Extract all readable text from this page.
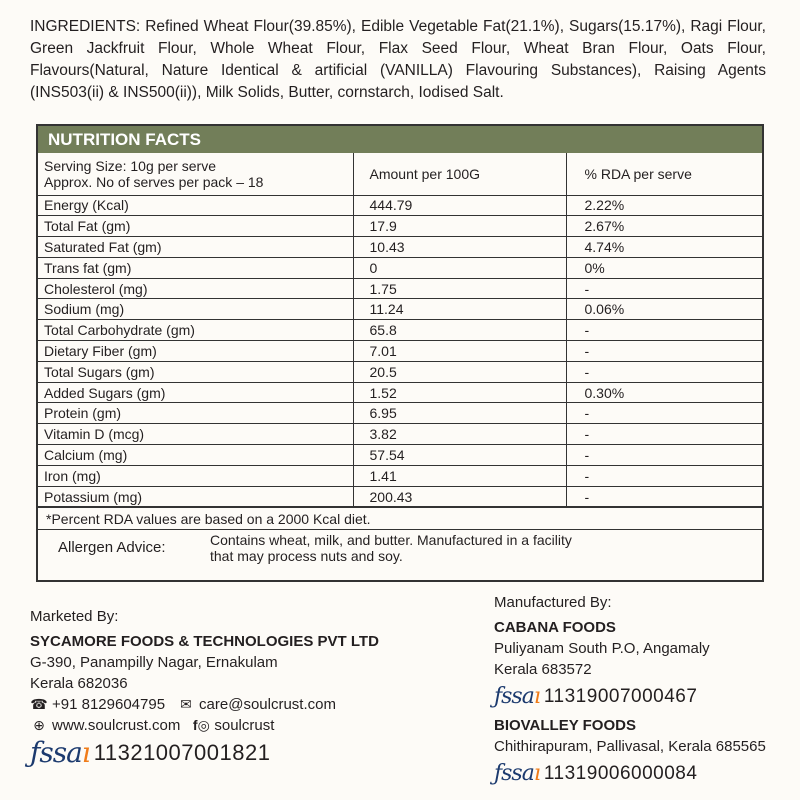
INGREDIENTS: Refined Wheat Flour(39.85%), Edible Vegetable Fat(21.1%), Sugars(15.17%), Ragi Flour, Green Jackfruit Flour, Whole Wheat Flour, Flax Seed Flour, Wheat Bran Flour, Oats Flour, Flavours(Natural, Nature Identical & artificial (VANILLA) Flavouring Substances), Raising Agents (INS503(ii) & INS500(ii)), Milk Solids, Butter, cornstarch, Iodised Salt.
NUTRITION FACTS
Serving Size: 10g per serve
Approx. No of serves per pack – 18	Amount per 100G	% RDA per serve
Energy (Kcal)	444.79	2.22%
Total Fat (gm)	17.9	2.67%
Saturated Fat (gm)	10.43	4.74%
Trans fat (gm)	0	0%
Cholesterol (mg)	1.75	-
Sodium (mg)	11.24	0.06%
Total Carbohydrate (gm)	65.8	-
Dietary Fiber (gm)	7.01	-
Total Sugars (gm)	20.5	-
Added Sugars (gm)	1.52	0.30%
Protein (gm)	6.95	-
Vitamin D (mcg)	3.82	-
Calcium (mg)	57.54	-
Iron (mg)	1.41	-
Potassium (mg)	200.43	-
*Percent RDA values are based on a 2000 Kcal diet.
Allergen Advice:	Contains wheat, milk, and butter. Manufactured in a facility
that may process nuts and soy.
Marketed By:
SYCAMORE FOODS & TECHNOLOGIES PVT LTD
G-390, Panampilly Nagar, Ernakulam
Kerala 682036
☎ +91 8129604795 ✉ care@soulcrust.com
⊕ www.soulcrust.com f◎ soulcrust
ƒssaı 11321007001821
Manufactured By:
CABANA FOODS
Puliyanam South P.O, Angamaly
Kerala 683572
ƒssaı 11319007000467
BIOVALLEY FOODS
Chithirapuram, Pallivasal, Kerala 685565
ƒssaı 11319006000084
